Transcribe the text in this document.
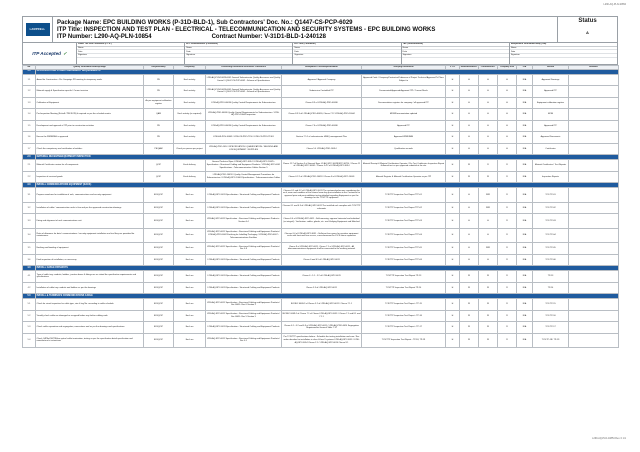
L290-AQ-PLN-10854
LAMPRELL
Package Name: EPC BUILDING WORKS (P-31D-BLD-1), Sub Contractors' Doc. No.: Q1447-CS-PCP-6029
ITP Title: INSPECTION AND TEST PLAN - ELECTRICAL - TELECOMMUNICATION AND SECURITY SYSTEMS - EPC BUILDING WORKS
ITP Number: L290-AQ-PLN-10854	Contract Number: V-31D1-BLD-1-240128
Status
A
ITP Accepted ✓
Lower Tier Sub Contractor (L.T.S.)
Name
Date
Signature
EPC Subcontractor (Contractor)
Name
Date
Signature
EPC Site (Contractor)
Name
Date
Signature
TBC (Subcontractor)
Name
Date
Signature
Independent Verification Body (IVB)
Name
Date
Signature
No.	Quality Verification Activity/Stage	Responsibility	Frequency	Controlling Document/ Reference/ Procedures	Acceptance Criteria/Specification	Verifying Documents	L.T.S.	Subcontractor/LTT	Contractor/EIC	Company /IVB	IVB	Record	Remarks
1.0	APPROVALS AND OTHER PRELIMINARY REQUIREMENTS												
1.1	Award for Construction - Pre Campaign PR meeting for temporary works	PE	Each activity	L290-AQ-PLN-10028-0001 General Subcontractor Quality Assurance and Quality Control / Q1447-CS-PCP-6002 - Scheme of Specifications	Approved / Approval Company	Approved Code / Company/Contractor/Ordinance of Project Technical Approved Ts Plans Subject to	H	H	H	H	N/A	Approved Drawings	
1.2	Material supply & Specification specific / Current revision	PE	Each activity	L290-AQ-PLN-10028-0001 General Subcontractor Quality Assurance and Quality Control / Q1447-CS-PCP-6002 - Scheme of Specifications	Submission Controlled ITP	Documented Approved Approved ITP / Current Rivals	H	H	H	H	N/A	Approved ITP	
1.3	Calibration of Equipment	As per equipment calibration register	Each activity	L290-AQ-PRO-40030 Quality Control Requirements for Subcontractors	Clause 8.3 of L290-AQ-PRO-40030	Documentation registers for company / all approved ITP	H	H	H	H	N/A	Equipment calibration register	
1.4	Pre-Inspection Meeting (Kickoff / PIM SOW) if required as per the schedule matrix	QAM	Each activity (as required)	L290-AQ-PRO-40030 Quality Control Requirements for Subcontractors / L290-AQ-PRO-10044 Inspection	Clause 8.3.3 of L290-AQ-PRO-40030, Clause 7.12 L290-AQ-PRO-10044	MOM/Documentation updated	H	H	H	H	N/A	MOM	
1.5	Development and approval of ITP prior to construction activities	PE	Each activity	L290-AQ-PRO-40030 Quality Control Requirements for Subcontractors	Clause 7.6 of L290-AQ-PRO-40030	Approved ITP	H	H	H	H	N/A	Approved ITP	
1.6	Ensure the WMS/RAS is approved	PE	Each activity	L290-HS-PLN-10009 / L290-CN-PRO-7150 / L290-CS-PRO-71301	Section 7.5.1 of subcontractor HSEQ management Plan	Approved WMS/RAS	H	H	H	H	N/A	Approved Documents	
1.7	Check the competency and certification of welders	PE/QAM	Check per person per project	L290-AQ-PRO-1014 / SPECIFICATION / QUALIFICATION - WELDING AND LOW EQUIPMENT / SUPPLIES	Clause 5.4 L290-AQ-PRO-10014	Qualification records	H	H	H	H	N/A	Certificates	
2.0	MATERIAL RECEIVING/EQUIPMENT INSPECTION												
2.1	Material Certificates review for all components	QC/P	Each delivery	General Technical Spec L290-AQ-SPC-6014 / L290-AQ-SPC-10025 - Specification - Structured Cabling and Equipment Products / L290-AQ-SPC-0001 Specifications - Telecommunication Cables Section 5	Clause 11.7 of Section 5 of General Spec L2-AQ-SPC-10028/SPC-30714 / Clause 11 of L290-AQ-SPC-10001 / Clause 5.4.2 of L290-AQ-SPC-6014	Material Receipt & Material Certification Operator / Per Test Certificates Inspection Report & Annual test as per approved submittal at the site	H	W	R	R	N/A	Material Certificates / Test Reports	
2.2	Inspection of received goods	QC/P	Each delivery	L290-AQ-PRO-10059 / Quality Control Management Procedures for Subcontractors / L290-AQ-SPC-10001 Specification - Telecommunication Cables	Clause 6.2.2 of L290-AQ-PRO-10059 / Clause 8 of L290-AQ-SPC-10001	Material Register & Material Certification Operator as per ITP	H	W	W	R	N/A	Inspection Reports	
3.0	INSTALL COMMUNICATIONS EQUIPMENT (RACK)												
3.1	Prepare room/area for installation of rack, communications and security equipment	EIO/QC/P	Each rm	L290-AQ-SPC-6011 Specification - Structured Cabling and Equipment Products	Clauses 6.1 and 6.2 of L290-AQ-SPC-6011 The systems/enclosures considering the rack, room and condition of the internal room bay pre-installation in the Contractor for approval prior and pre-installation testing detailed regarding Equipment as per the drawings for the TCS/TTP equipment	TCS/TTP Inspection Test Report TTP-01	H	H	W/R	R	N/A	TCS TP-01	
3.2	Installation of cable / communication racks in line and per the approved construction drawings	EIO/QC/P	Each rm	L290-AQ-SPC-6011 Specification - Structured Cabling and Equipment Products	Clauses 6.1 and 6.3 of L290-AQ-SPC-6011 The installed rack complies with TCS/TTP schematic	TCS/TTP Inspection Test Report TTP-02	H	H	W/R	R	N/A	TCS TP-02	
3.3	Fixing and alignment of rack communications unit	EIO/QC/P	Each rm	L290-AQ-SPC-6011 Specification - Structured Cabling and Equipment Products - Section 6.4	Clause 6.4 of L290-AQ-SPC-6011 - Self-removing, approve horizontal and individual (or integral) - Verification: cables, glands, etc. and Verifying Equipment and Matched	TCS/TTP Inspection Test Report TTP-03	H	H	H	R	N/A	TCS TP-03	
3.4	Ratio of allowance for data / communications / security equipment installation are final they are permitted for maintenance	EIO/QC/P	Each rm	L290-AQ-SPC-6011 Specification - Structured Cabling and Equipment Products / L290-AQ-PRO-0002 Finishing for Labelling Packaging / L290-AQ-PRO-0007 - Telecommunications Facilities	Clauses 6.4 of L290-AQ-SPC-6011 - Sufficient free space for sensitive equipment racks with front and rear access, cross-document for IOCS future expansion	TCS/TTP Inspection Test Report TTP-04	H	H	H	R	N/A	TCS TP-04	
3.5	Earthing and bonding of equipment	EIO/QC/P	Each rm	L290-AQ-SPC-6011 Specification - Structured Cabling and Equipment Products / Sec 6.9	Clause 9 of L290-AQ-SPC-6011, Clause 7.1 of L290-AQ-SPC-6011 - All telecommunications equipment shall be connected to the earthing network	TCS/TTP Inspection Test Report TTP-05	H	H	W/R	R	N/A	TCS TP-05	
3.6	Final inspection of installation, as necessary	EIO/QC/P	Each rm	L290-AQ-SPC-6011 Specification - Structured Cabling and Equipment Products	Clause 6 and 6.5 of L290-AQ-SPC-6011	TCS/TTP Inspection Test Report TTP-06	H	H	H	R	N/A	TCS TP-06	
4.0	INSTALL CABLE PATHWAYS												
4.1	Type of cable tray, conduits, ladders, junction boxes & fittings are as stated the specification requirements and specifications	EIO/QC/P	Each rm	L290-AQ-SPC-6011 Specification - Structured Cabling and Equipment Products	Clause 6 - 5.1 - 5.2 of L290-AQ-SPC-6011	TCS/TTP Inspection Test Report TP-13	H	W	W	R	N/A	TP-13	
4.2	Installation of cable tray conduits and ladders as per the drawings	EIO/QC/P	Each rm	L290-AQ-SPC-6011 Specification - Structured Cabling and Equipment Products	Clause 5.3 of L290-AQ-SPC-6011	TCS/TTP Inspection Test Report TP-14	H	W	W	R	N/A	TP-14	
5.0	INSTALL & TERMINATE COMMUNICATIONS CABLE												
5.1	Check for visual inspection for cable type, size & tag No. according to cable schedule	EIO/QC/P	Each rm	L290-AQ-SPC-6011 Specification - Structured Cabling and Equipment Products / Sec 6009 - Bus 6 Section 5	IEC/IEC 6009-2 of Clause 5.2 of L290-AQ-SPC-6011 / Clause 7.1.1	TCS/TTP Inspection Test Report - TP-15	H	W	W	R	N/A	TCS TP-15	
5.2	Visually check cable are damaged or scrapped before any further cabling work	EIO/QC/P	Each rm	L290-AQ-SPC-6011 Specification - Structured Cabling and Equipment Products / Sec 6009 - Bus 5 Section 5	IEC/IEC 6009-2 of Clause 7.1 of Clause L290-AQ-SPC-6011 / Clause 7.1 and 8.1 and 7.1.1	TCS/TTP Inspection Test Report - TP-16	H	W	W	R	N/A	TCS TP-16	
5.3	Check cable separation and segregation, connections and as per the drawings and specifications	EIO/QC/P	Each rm	L290-AQ-SPC-6011 Specification - Structured Cabling and Equipment Products	Clause 6.1 - 6.2 and 6.3 of L290-AQ-SPC-6011 / L290-AQ-PRO-6014 Segregation Requirements General Table 7.12	TCS/TTP Inspection Test Report - TP-17	H	W	W	R	N/A	TCS TP-17	
5.4	Check CAT6a/CAT7/Fibre optical cable termination, testing as per the specification detail specification and manufacturer's instructions	EIO/QC/P	Each rm	L290-AQ-SPC-6011 Specification - Structured Cabling and Equipment Products / Sec 6.1	Per TCS/TTP specifications before - Schedule the testing installation and core / Sec under decades for installation in class I/class II systems L290-AQ-SPC-6011 / L290-AQ-SPC-6014 Clause 2.1 / L290-AQ-SPC-6014 Clause 9.1	TCS/TTP Inspection Test Report - TP-18, TP-19	H	W	W	R	N/A	TCS TP-18 / TP-19	
L290-AQ-PLN-10854 Rev. 0 1/1
